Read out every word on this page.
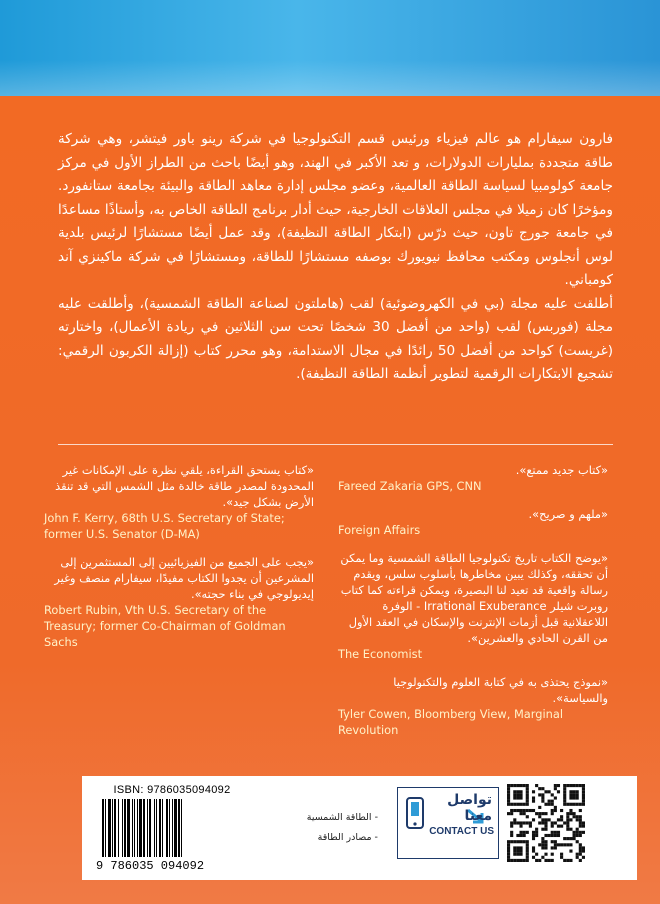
فارون سيفارام هو عالم فيزياء ورئيس قسم التكنولوجيا في شركة رينو باور فيتشر، وهي شركة طاقة متجددة بمليارات الدولارات، و تعد الأكبر في الهند، وهو أيضًا باحث من الطراز الأول في مركز جامعة كولومبيا لسياسة الطاقة العالمية، وعضو مجلس إدارة معاهد الطاقة والبيئة بجامعة ستانفورد. ومؤخرًا كان زميلا في مجلس العلاقات الخارجية، حيث أدار برنامج الطاقة الخاص به، وأستاذًا مساعدًا في جامعة جورج تاون، حيث درّس (ابتكار الطاقة النظيفة)، وقد عمل أيضًا مستشارًا لرئيس بلدية لوس أنجلوس ومكتب محافظ نيويورك بوصفه مستشارًا للطاقة، ومستشارًا في شركة ماكينزي آند كومباني.

أطلقت عليه مجلة (بي في الكهروضوئية) لقب (هاملتون لصناعة الطاقة الشمسية)، وأطلقت عليه مجلة (فوربس) لقب (واحد من أفضل 30 شخصًا تحت سن الثلاثين في ريادة الأعمال)، واختارته (غريست) كواحد من أفضل 50 رائدًا في مجال الاستدامة، وهو محرر كتاب (إزالة الكربون الرقمي: تشجيع الابتكارات الرقمية لتطوير أنظمة الطاقة النظيفة).

«كتاب جديد ممتع».

Fareed Zakaria GPS, CNN

«ملهم و صريح».

Foreign Affairs

«يوضح الكتاب تاريخ تكنولوجيا الطاقة الشمسية وما يمكن أن تحققه، وكذلك يبين مخاطرها بأسلوب سلس، ويقدم رسالة واقعية قد تعيد لنا البصيرة، ويمكن قراءته كما كتاب روبرت شيلر Irrational Exuberance - الوفرة اللاعقلانية قبل أزمات الإنترنت والإسكان في العقد الأول من القرن الحادي والعشرين».

The Economist

«نموذج يحتذى به في كتابة العلوم والتكنولوجيا والسياسة».

Tyler Cowen, Bloomberg View, Marginal Revolution

«كتاب يستحق القراءة، يلقي نظرة على الإمكانات غير المحدودة لمصدر طاقة خالدة مثل الشمس التي قد تنقذ الأرض بشكل جيد».

John F. Kerry, 68th U.S. Secretary of State; former U.S. Senator (D-MA)

«يجب على الجميع من الفيزيائيين إلى المستثمرين إلى المشرعين أن يجدوا الكتاب مفيدًا، سيفارام منصف وغير إيديولوجي في بناء حجته».

Robert Rubin, Vth U.S. Secretary of the Treasury; former Co-Chairman of Goldman Sachs

ISBN: 9786035094092

9 786035 094092

- الطاقة الشمسية
- مصادر الطاقة
تواصل معنا
CONTACT US
